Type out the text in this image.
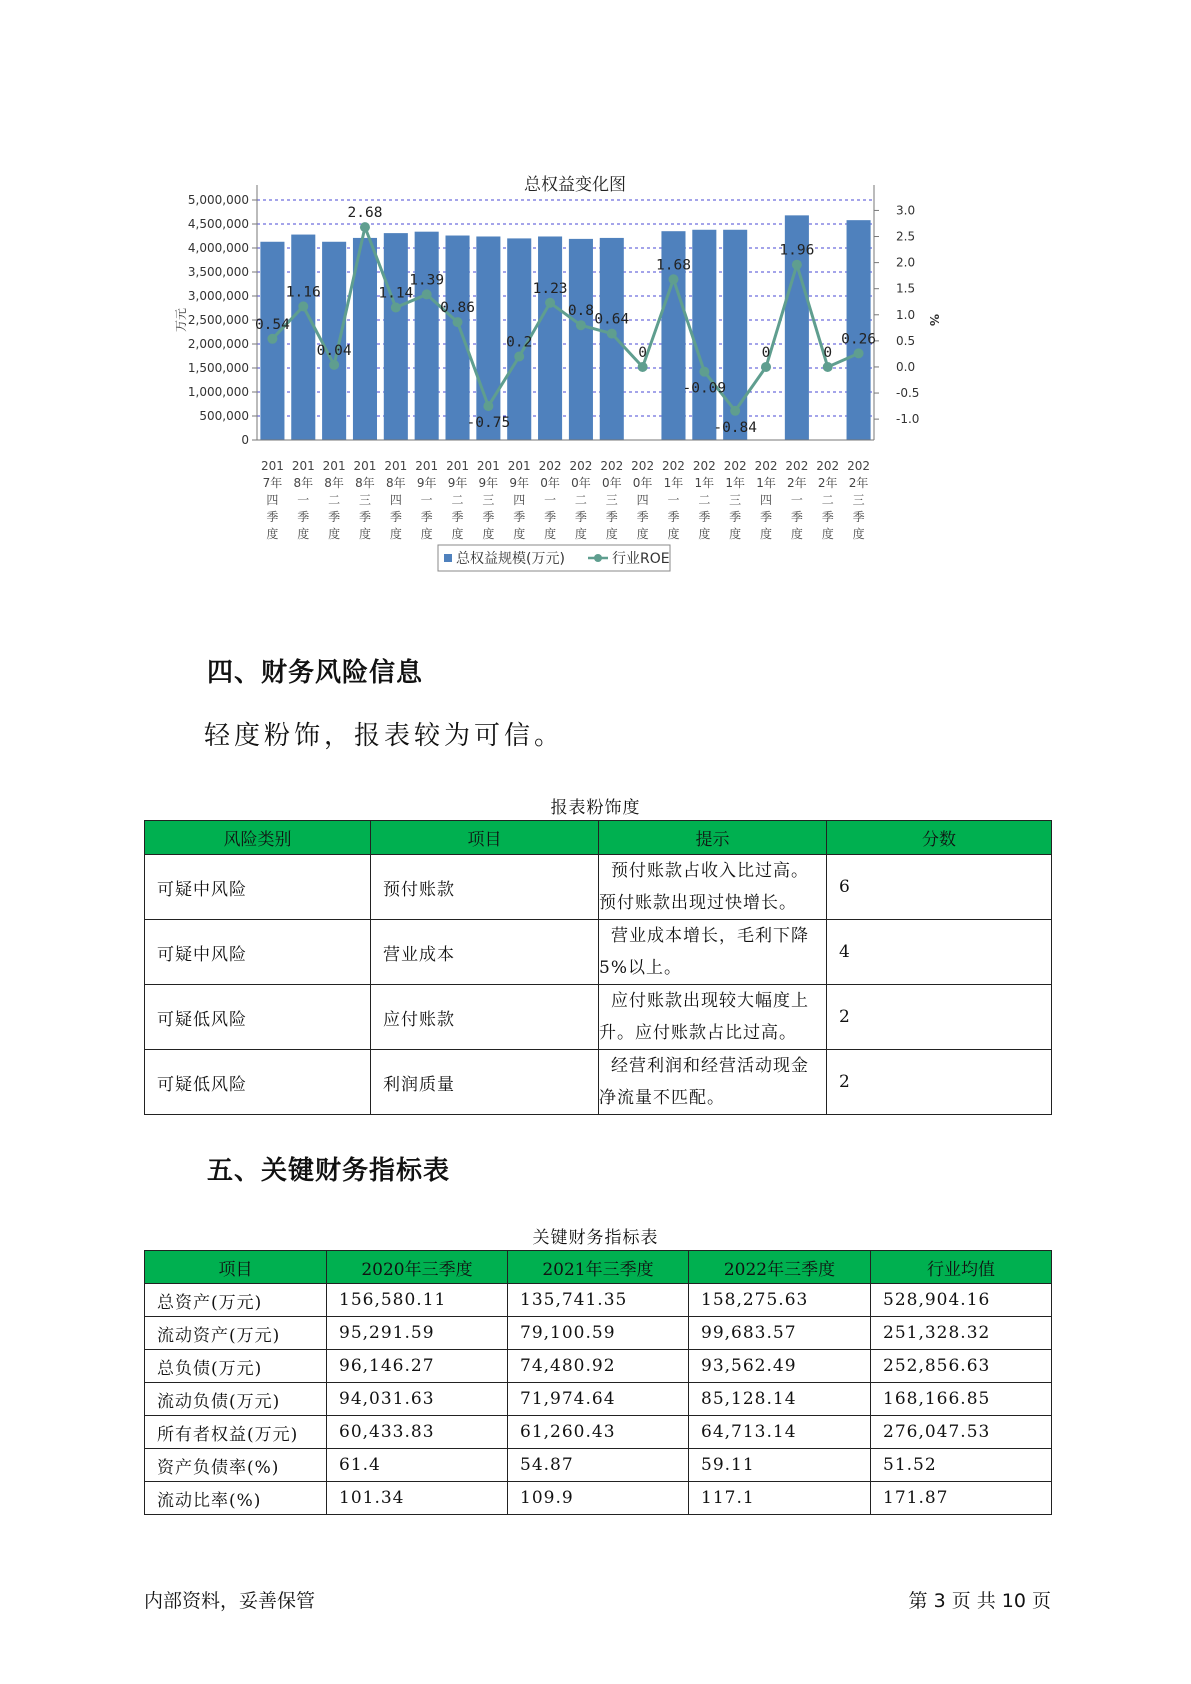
总权益变化图
0
500,000
1,000,000
1,500,000
2,000,000
2,500,000
3,000,000
3,500,000
4,000,000
4,500,000
5,000,000
-1.0
-0.5
0.0
0.5
1.0
1.5
2.0
2.5
3.0
万元	%
201 7年四季度
201 8年一季度
201 8年二季度
201 8年三季度
201 8年四季度
201 9年一季度
201 9年二季度
201 9年三季度
201 9年四季度
202 0年一季度
202 0年二季度
202 0年三季度
202 0年四季度
202 1年一季度
202 1年二季度
202 1年三季度
202 1年四季度
202 2年一季度
202 2年二季度
202 2年三季度
0.54
1.16
0.04
2.68
1.14
1.39
0.86
-0.75
0.2
1.23
0.8
0.64
0
1.68
-0.09
-0.84
0
1.96
0
0.26
总权益规模(万元)	行业ROE
四、财务风险信息

轻度粉饰，报表较为可信。

报表粉饰度
风险类别	项目	提示	分数
可疑中风险	预付账款	预付账款占收入比过高。预付账款出现过快增长。	6
可疑中风险	营业成本	营业成本增长，毛利下降5%以上。	4
可疑低风险	应付账款	应付账款出现较大幅度上升。应付账款占比过高。	2
可疑低风险	利润质量	经营利润和经营活动现金净流量不匹配。	2
五、关键财务指标表
关键财务指标表
项目	2020年三季度	2021年三季度	2022年三季度	行业均值
总资产(万元)	156,580.11	135,741.35	158,275.63	528,904.16
流动资产(万元)	95,291.59	79,100.59	99,683.57	251,328.32
总负债(万元)	96,146.27	74,480.92	93,562.49	252,856.63
流动负债(万元)	94,031.63	71,974.64	85,128.14	168,166.85
所有者权益(万元)	60,433.83	61,260.43	64,713.14	276,047.53
资产负债率(%)	61.4	54.87	59.11	51.52
流动比率(%)	101.34	109.9	117.1	171.87
内部资料，妥善保管	第 3 页 共 10 页
